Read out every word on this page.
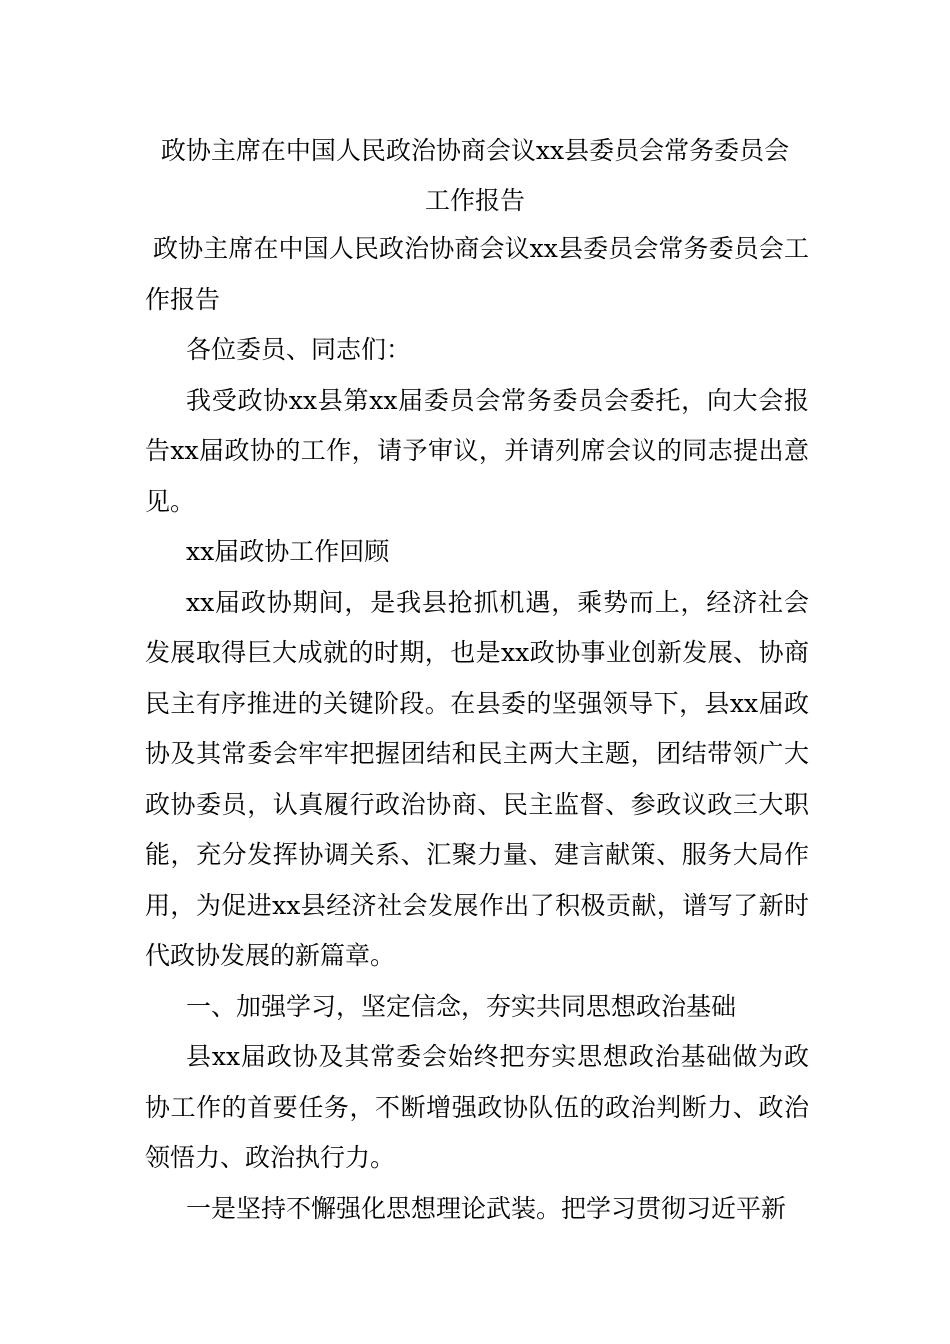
政协主席在中国人民政治协商会议xx县委员会常务委员会
工作报告

政协主席在中国人民政治协商会议xx县委员会常务委员会工作报告

各位委员、同志们：

我受政协xx县第xx届委员会常务委员会委托，向大会报告xx届政协的工作，请予审议，并请列席会议的同志提出意见。

xx届政协工作回顾

xx届政协期间，是我县抢抓机遇，乘势而上，经济社会发展取得巨大成就的时期，也是xx政协事业创新发展、协商民主有序推进的关键阶段。在县委的坚强领导下，县xx届政协及其常委会牢牢把握团结和民主两大主题，团结带领广大政协委员，认真履行政治协商、民主监督、参政议政三大职能，充分发挥协调关系、汇聚力量、建言献策、服务大局作用，为促进xx县经济社会发展作出了积极贡献，谱写了新时代政协发展的新篇章。

一、加强学习，坚定信念，夯实共同思想政治基础

县xx届政协及其常委会始终把夯实思想政治基础做为政协工作的首要任务，不断增强政协队伍的政治判断力、政治领悟力、政治执行力。

一是坚持不懈强化思想理论武装。把学习贯彻习近平新
